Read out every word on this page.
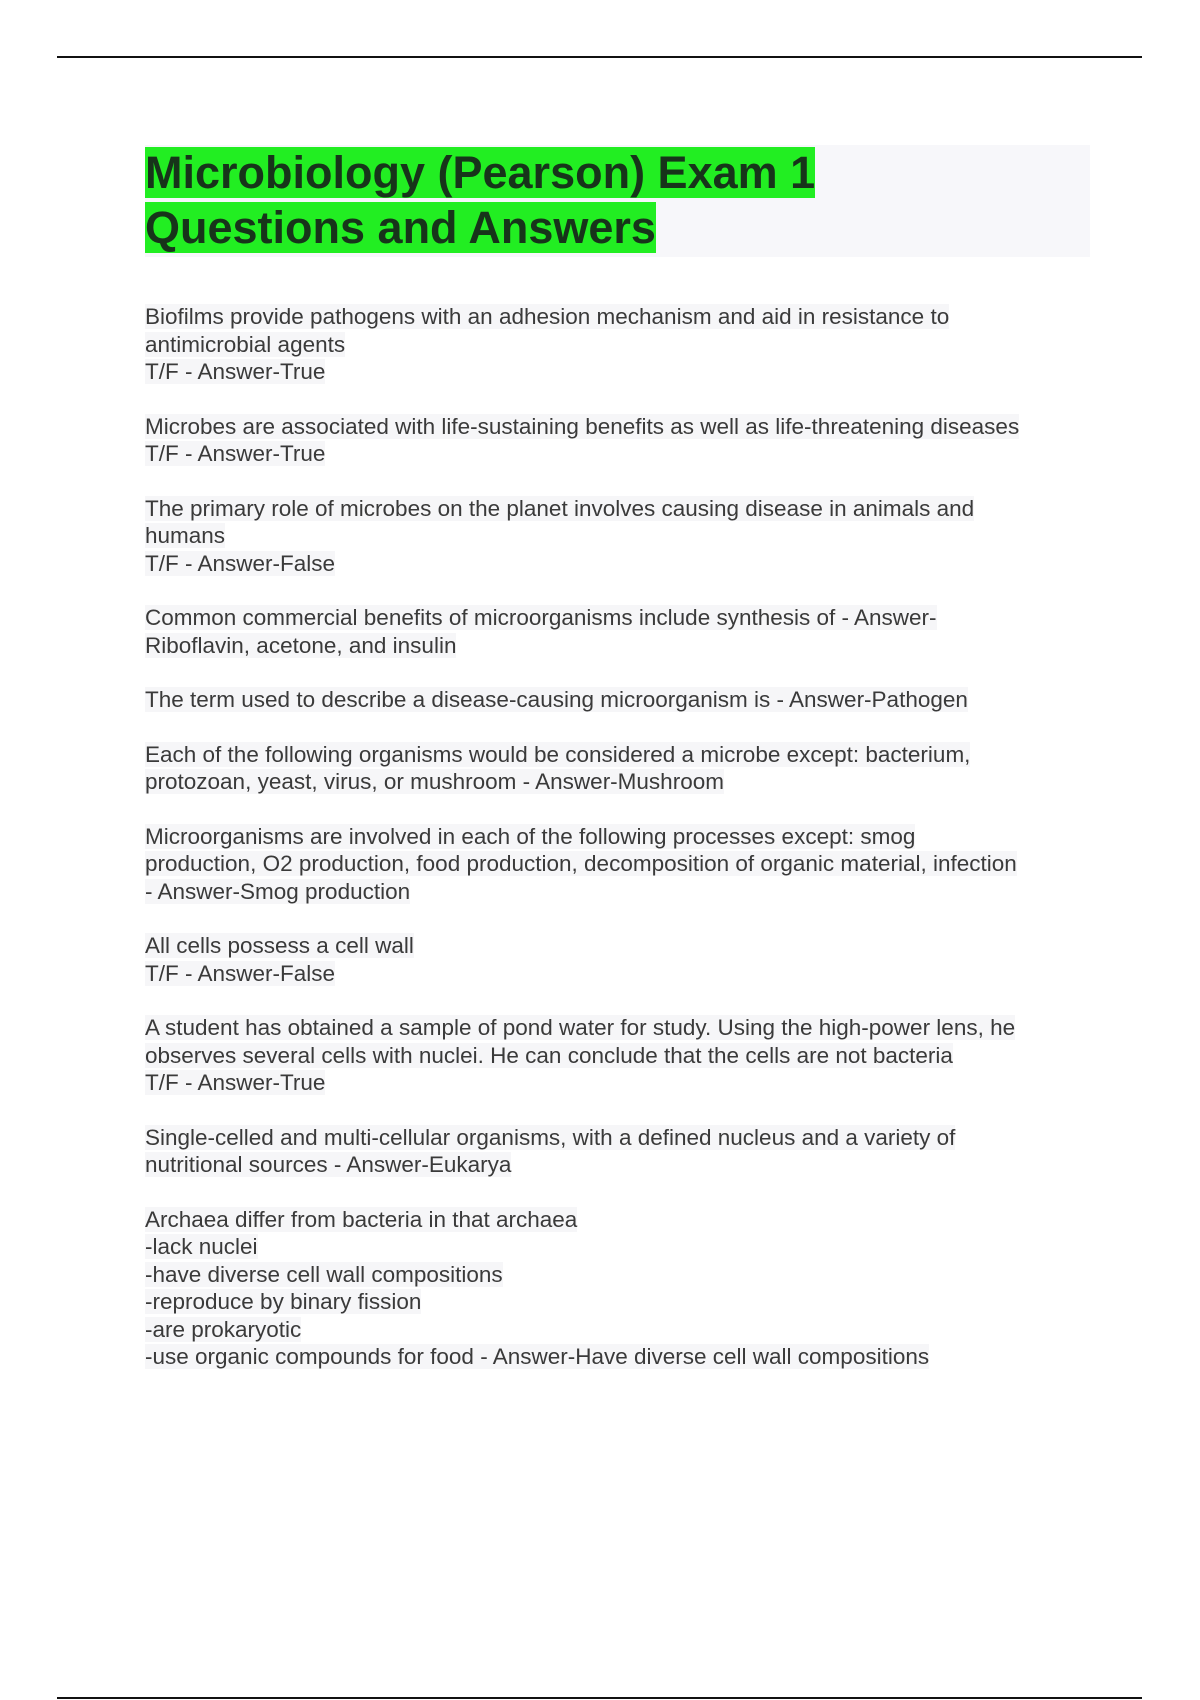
Microbiology (Pearson) Exam 1
Questions and Answers
Biofilms provide pathogens with an adhesion mechanism and aid in resistance to
antimicrobial agents
T/F - Answer-True
Microbes are associated with life-sustaining benefits as well as life-threatening diseases
T/F - Answer-True
The primary role of microbes on the planet involves causing disease in animals and
humans
T/F - Answer-False
Common commercial benefits of microorganisms include synthesis of - Answer-
Riboflavin, acetone, and insulin
The term used to describe a disease-causing microorganism is - Answer-Pathogen
Each of the following organisms would be considered a microbe except: bacterium,
protozoan, yeast, virus, or mushroom - Answer-Mushroom
Microorganisms are involved in each of the following processes except: smog
production, O2 production, food production, decomposition of organic material, infection
- Answer-Smog production
All cells possess a cell wall
T/F - Answer-False
A student has obtained a sample of pond water for study. Using the high-power lens, he
observes several cells with nuclei. He can conclude that the cells are not bacteria
T/F - Answer-True
Single-celled and multi-cellular organisms, with a defined nucleus and a variety of
nutritional sources - Answer-Eukarya
Archaea differ from bacteria in that archaea
-lack nuclei
-have diverse cell wall compositions
-reproduce by binary fission
-are prokaryotic
-use organic compounds for food - Answer-Have diverse cell wall compositions
